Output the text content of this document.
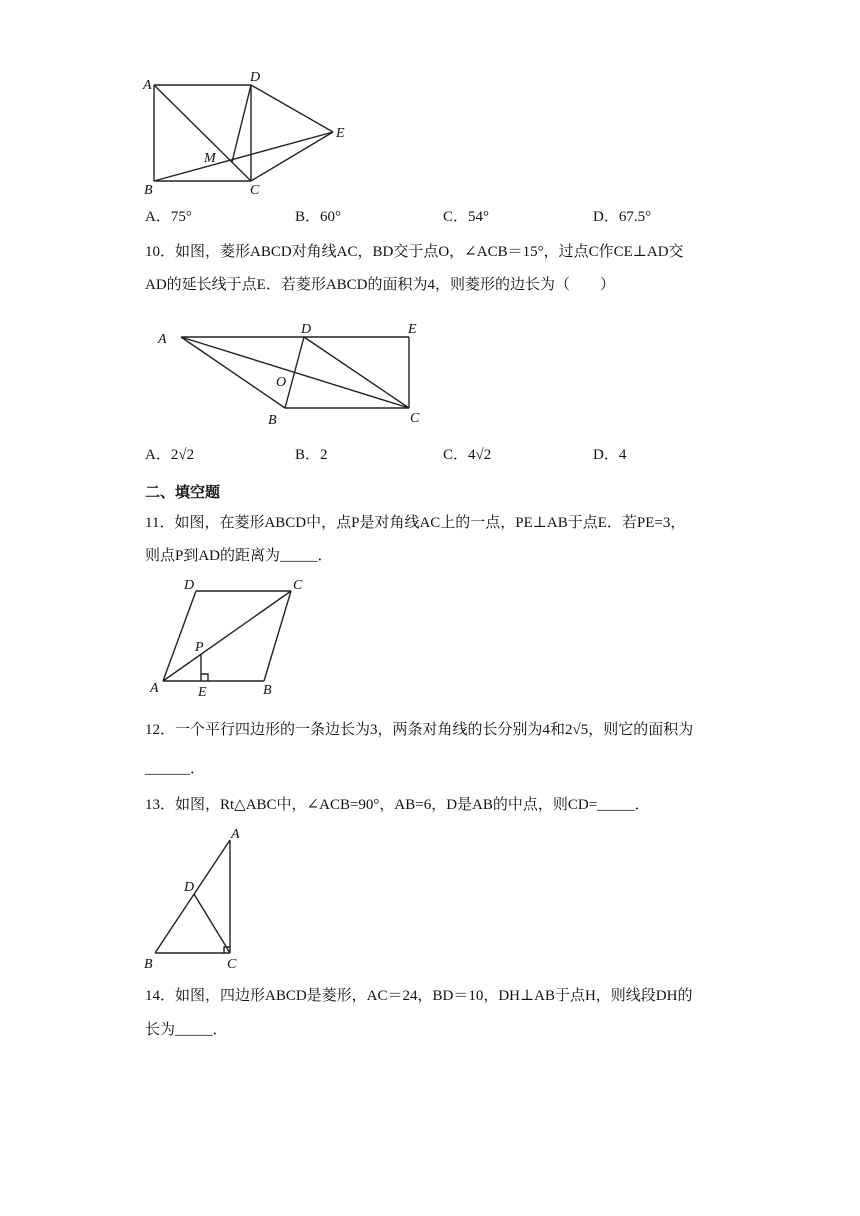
A
D
E
M
B	C
A．75°	B．60°	C．54°	D．67.5°
10．如图，菱形ABCD对角线AC，BD交于点O，∠ACB＝15°，过点C作CE⊥AD交
AD的延长线于点E．若菱形ABCD的面积为4，则菱形的边长为（　　）
A
D	E
O
B	C
A．2√2	B．2	C．4√2	D．4
二、填空题
11．如图，在菱形ABCD中，点P是对角线AC上的一点，PE⊥AB于点E．若PE=3，
则点P到AD的距离为_____．
D	C
P
A	E	B
12．一个平行四边形的一条边长为3，两条对角线的长分别为4和2√5，则它的面积为
______．
13．如图，Rt△ABC中，∠ACB=90°，AB=6，D是AB的中点，则CD=_____．
A
D
B	C
14．如图，四边形ABCD是菱形，AC＝24，BD＝10，DH⊥AB于点H，则线段DH的
长为_____．
